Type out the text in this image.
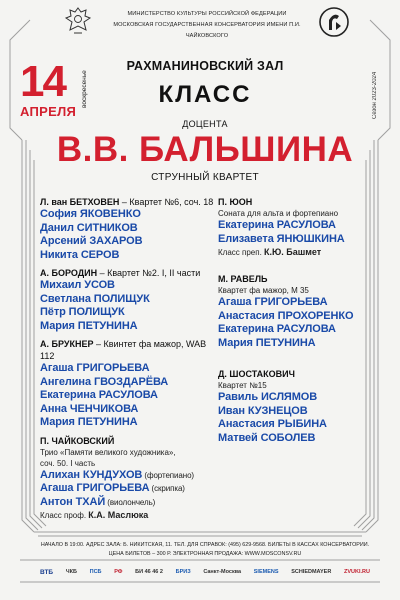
МИНИСТЕРСТВО КУЛЬТУРЫ РОССИЙСКОЙ ФЕДЕРАЦИИ
МОСКОВСКАЯ ГОСУДАРСТВЕННАЯ КОНСЕРВАТОРИЯ ИМЕНИ П.И. ЧАЙКОВСКОГО
Сезон 2023-2024
14 воскресенье
АПРЕЛЯ
РАХМАНИНОВСКИЙ ЗАЛ
КЛАСС
ДОЦЕНТА
В.В. БАЛЬШИНА
СТРУННЫЙ КВАРТЕТ
Л. ван БЕТХОВЕН – Квартет №6, соч. 18
София ЯКОВЕНКО
Данил СИТНИКОВ
Арсений ЗАХАРОВ
Никита СЕРОВ
А. БОРОДИН – Квартет №2. I, II части
Михаил УСОВ
Светлана ПОЛИЩУК
Пётр ПОЛИЩУК
Мария ПЕТУНИНА
А. БРУКНЕР – Квинтет фа мажор, WAB 112
Агаша ГРИГОРЬЕВА
Ангелина ГВОЗДАРЁВА
Екатерина РАСУЛОВА
Анна ЧЕНЧИКОВА
Мария ПЕТУНИНА
П. ЧАЙКОВСКИЙ
Трио «Памяти великого художника»,
соч. 50. I часть
Алихан КУНДУХОВ (фортепиано)
Агаша ГРИГОРЬЕВА (скрипка)
Антон ТХАЙ (виолончель)
Класс проф. К.А. Маслюка
П. ЮОН
Соната для альта и фортепиано
Екатерина РАСУЛОВА
Елизавета ЯНЮШКИНА
Класс преп. К.Ю. Башмет
М. РАВЕЛЬ
Квартет фа мажор, M 35
Агаша ГРИГОРЬЕВА
Анастасия ПРОХОРЕНКО
Екатерина РАСУЛОВА
Мария ПЕТУНИНА
Д. ШОСТАКОВИЧ
Квартет №15
Равиль ИСЛЯМОВ
Иван КУЗНЕЦОВ
Анастасия РЫБИНА
Матвей СОБОЛЕВ
НАЧАЛО В 19:00. АДРЕС ЗАЛА: Б. НИКИТСКАЯ, 11. ТЕЛ. ДЛЯ СПРАВОК: (495) 629-9568. БИЛЕТЫ В КАССАХ КОНСЕРВАТОРИИ.
ЦЕНА БИЛЕТОВ – 300 Р. ЭЛЕКТРОННАЯ ПРОДАЖА: WWW.MOSCONSV.RU
ВТБ ЧКБ ПСБ РФ БИ 46 46 2 БРИЗ Санкт-Москва SIEMENS SCHIEDMAYER ZVUKI.RU
